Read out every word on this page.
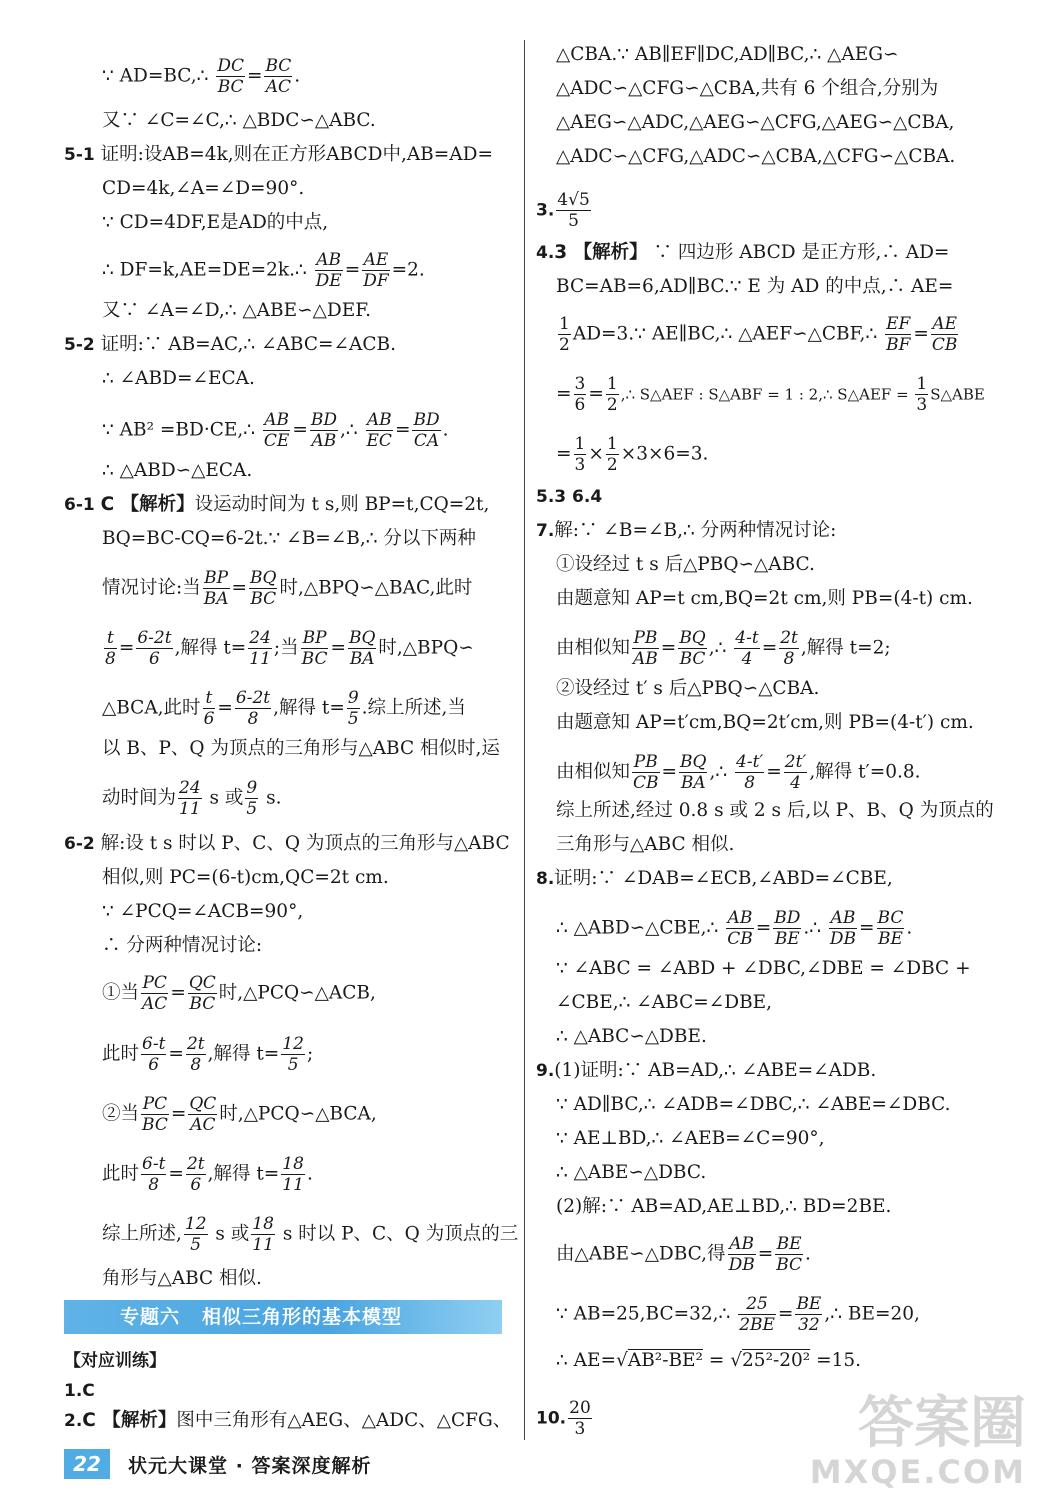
∵ AD=BC,∴ $\frac{DC}{BC} = \frac{BC}{AC}$ .
又∵ ∠C=∠C,∴ △BDC∽△ABC.
5-1 证明:设AB=4k,则在正方形ABCD中,AB=AD=
CD=4k,∠A=∠D=90°.
∵ CD=4DF,E是AD的中点,
∴ DF=k,AE=DE=2k.∴ $\frac{AB}{DE} = \frac{AE}{DF} =2$.
又∵ ∠A=∠D,∴ △ABE∽△DEF.
5-2 证明:∵ AB=AC,∴ ∠ABC=∠ACB.
∴ ∠ABD=∠ECA.
∵ AB² =BD·CE,∴ $\frac{AB}{CE} = \frac{BD}{AB}$ ,∴ $\frac{AB}{EC} = \frac{BD}{CA}$ .
∴ △ABD∽△ECA.
6-1 C 【解析】设运动时间为 t s,则 BP=t,CQ=2t,
BQ=BC-CQ=6-2t.∵ ∠B=∠B,∴ 分以下两种
情况讨论:当 $\frac{BP}{BA} = \frac{BQ}{BC}$ 时,△BPQ∽△BAC,此时
$\frac{t}{8} = \frac{6-2t}{6}$ ,解得 $t= \frac{24}{11}$ ;当 $\frac{BP}{BC} = \frac{BQ}{BA}$ 时,△BPQ∽
△BCA,此时 $\frac{t}{6} = \frac{6-2t}{8}$ ,解得 $t= \frac{9}{5}$ .综上所述,当
以 B、P、Q 为顶点的三角形与△ABC 相似时,运
动时间为 $\frac{24}{11}$ s 或 $\frac{9}{5} s$.
6-2 解:设 t s 时以 P、C、Q 为顶点的三角形与△ABC
相似,则 PC=(6-t)cm,QC=2t cm.
∵ ∠PCQ=∠ACB=90°,
∴ 分两种情况讨论:
①当 $\frac{PC}{AC} = \frac{QC}{BC}$ 时,△PCQ∽△ACB,
此时 $\frac{6-t}{6} = \frac{2t}{8}$ ,解得 $t= \frac{12}{5}$ ;
②当 $\frac{PC}{BC} = \frac{QC}{AC}$ 时,△PCQ∽△BCA,
此时 $\frac{6-t}{8} = \frac{2t}{6}$ ,解得 $t= \frac{18}{11}$ .
综上所述, $\frac{12}{5}$ s 或 $\frac{18}{11}$ s 时以 P、C、Q 为顶点的三
角形与△ABC 相似.
专题六 相似三角形的基本模型
【对应训练】
1.C
2.C 【解析】图中三角形有△AEG、△ADC、△CFG、
△CBA.∵ AB∥EF∥DC,AD∥BC,∴ △AEG∽
△ADC∽△CFG∽△CBA,共有 6 个组合,分别为
△AEG∽△ADC,△AEG∽△CFG,△AEG∽△CBA,
△ADC∽△CFG,△ADC∽△CBA,△CFG∽△CBA.
3. $\frac{4√5}{5}$
4.3 【解析】 ∵ 四边形 ABCD 是正方形,∴ AD=
BC=AB=6,AD∥BC.∵ E 为 AD 的中点,∴ AE=
$\frac{1}{2}$ AD=3.∵ AE∥BC,∴ △AEF∽△CBF,∴ $\frac{EF}{BF} = \frac{AE}{CB}$
= $\frac{3}{6} = \frac{1}{2}$ ,∴ S△AEF : S△ABF = 1 : 2,∴ S△AEF = $\frac{1}{3}$ S△ABE
= $\frac{1}{3} \times \frac{1}{2} \times 3\times 6=3$.
5.3 6.4
7.解:∵ ∠B=∠B,∴ 分两种情况讨论:
①设经过 t s 后△PBQ∽△ABC.
由题意知 AP=t cm,BQ=2t cm,则 PB=(4-t) cm.
由相似知 $\frac{PB}{AB} = \frac{BQ}{BC}$ ,∴ $\frac{4-t}{4} = \frac{2t}{8}$ ,解得 t=2;
②设经过 t′ s 后△PBQ∽△CBA.
由题意知 AP=t′cm,BQ=2t′cm,则 PB=(4-t′) cm.
由相似知 $\frac{PB}{CB} = \frac{BQ}{BA}$ ,∴ $\frac{4-t'}{8} = \frac{2t'}{4}$ ,解得 t′=0.8.
综上所述,经过 0.8 s 或 2 s 后,以 P、B、Q 为顶点的
三角形与△ABC 相似.
8.证明:∵ ∠DAB=∠ECB,∠ABD=∠CBE,
∴ △ABD∽△CBE,∴ $\frac{AB}{CB} = \frac{BD}{BE}$ .∴ $\frac{AB}{DB} = \frac{BC}{BE}$ .
∵ ∠ABC = ∠ABD + ∠DBC,∠DBE = ∠DBC +
∠CBE,∴ ∠ABC=∠DBE,
∴ △ABC∽△DBE.
9.(1)证明:∵ AB=AD,∴ ∠ABE=∠ADB.
∵ AD∥BC,∴ ∠ADB=∠DBC,∴ ∠ABE=∠DBC.
∵ AE⊥BD,∴ ∠AEB=∠C=90°,
∴ △ABE∽△DBC.
(2)解:∵ AB=AD,AE⊥BD,∴ BD=2BE.
由△ABE∽△DBC,得 $\frac{AB}{DB} = \frac{BE}{BC}$ .
∵ AB=25,BC=32,∴ $\frac{25}{2BE} = \frac{BE}{32}$ ,∴ BE=20,
∴ AE=√AB²-BE² = √25²-20² =15.
10. $\frac{20}{3}$
22	状元大课堂 · 答案深度解析
答案圈
MXQE.COM
